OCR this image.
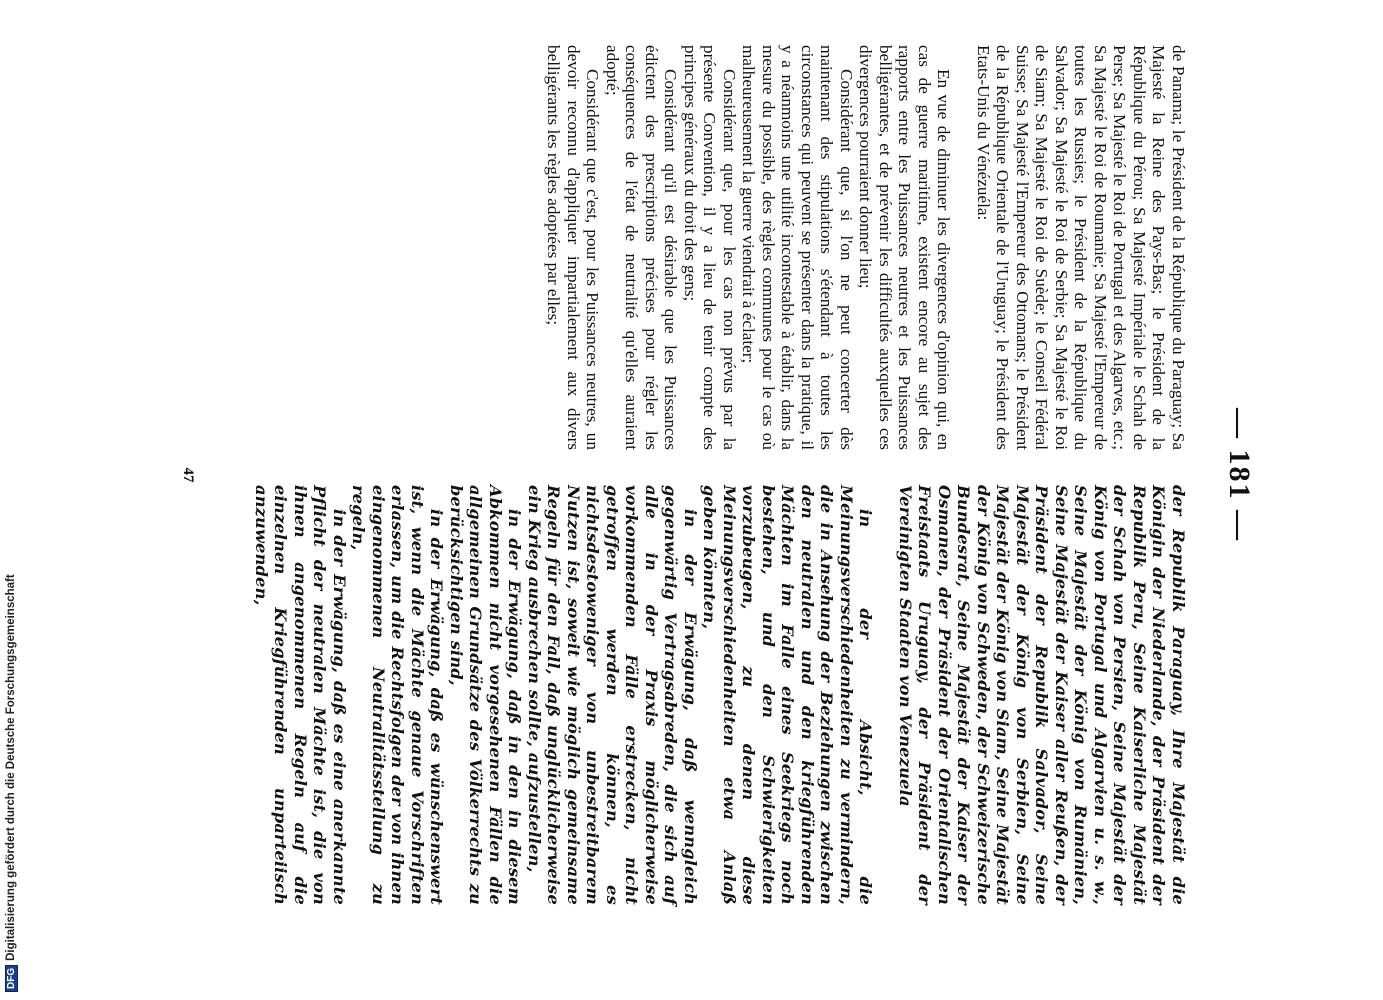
— 181 —

de Panama; le Président de la République du Paraguay; Sa Majesté la Reine des Pays-Bas; le Président de la République du Pérou; Sa Majesté Impériale le Schah de Perse; Sa Majesté le Roi de Portugal et des Algarves, etc.; Sa Majesté le Roi de Roumanie; Sa Majesté l'Empereur de toutes les Russies; le Président de la République du Salvador; Sa Majesté le Roi de Serbie; Sa Majesté le Roi de Siam; Sa Majesté le Roi de Suède; le Conseil Fédéral Suisse; Sa Majesté l'Empereur des Ottomans; le Président de la République Orientale de l'Uruguay; le Président des Etats-Unis du Vénézuéla:

En vue de diminuer les divergences d'opinion qui, en cas de guerre maritime, existent encore au sujet des rapports entre les Puissances neutres et les Puissances belligérantes, et de prévenir les difficultés auxquelles ces divergences pourraient donner lieu;

Considérant que, si l'on ne peut concerter dès maintenant des stipulations s'étendant à toutes les circonstances qui peuvent se présenter dans la pratique, il y a néanmoins une utilité incontestable à établir, dans la mesure du possible, des règles communes pour le cas où malheureusement la guerre viendrait à éclater;

Considérant que, pour les cas non prévus par la présente Convention, il y a lieu de tenir compte des principes généraux du droit des gens;

Considérant qu'il est désirable que les Puissances édictent des prescriptions précises pour régler les conséquences de l'état de neutralité qu'elles auraient adopté;

Considérant que c'est, pour les Puissances neutres, un devoir reconnu d'appliquer impartialement aux divers belligérants les règles adoptées par elles;

der Republik Paraguay, Ihre Majestät die Königin der Niederlande, der Präsident der Republik Peru, Seine Kaiserliche Majestät der Schah von Persien, Seine Majestät der König von Portugal und Algarvien u. s. w., Seine Majestät der König von Rumänien, Seine Majestät der Kaiser aller Reußen, der Präsident der Republik Salvador, Seine Majestät der König von Serbien, Seine Majestät der König von Siam, Seine Majestät der König von Schweden, der Schweizerische Bundesrat, Seine Majestät der Kaiser der Osmanen, der Präsident der Orientalischen Freistaats Uruguay, der Präsident der Vereinigten Staaten von Venezuela

in der Absicht, die Meinungsverschiedenheiten zu vermindern, die in Ansehung der Beziehungen zwischen den neutralen und den kriegführenden Mächten im Falle eines Seekriegs noch bestehen, und den Schwierigkeiten vorzubeugen, zu denen diese Meinungsverschiedenheiten etwa Anlaß geben könnten,

in der Erwägung, daß wenngleich gegenwärtig Vertragsabreden, die sich auf alle in der Praxis möglicherweise vorkommenden Fälle erstrecken, nicht getroffen werden können, es nichtsdestoweniger von unbestreitbarem Nutzen ist, soweit wie möglich gemeinsame Regeln für den Fall, daß unglücklicherweise ein Krieg ausbrechen sollte, aufzustellen,

in der Erwägung, daß in den in diesem Abkommen nicht vorgesehenen Fällen die allgemeinen Grundsätze des Völkerrechts zu berücksichtigen sind,

in der Erwägung, daß es wünschenswert ist, wenn die Mächte genaue Vorschriften erlassen, um die Rechtsfolgen der von ihnen eingenommenen Neutralitätsstellung zu regeln,

in der Erwägung, daß es eine anerkannte Pflicht der neutralen Mächte ist, die von ihnen angenommenen Regeln auf die einzelnen Kriegführenden unparteiisch anzuwenden,

47
DFGDigitalisierung gefördert durch die Deutsche Forschungsgemeinschaft
